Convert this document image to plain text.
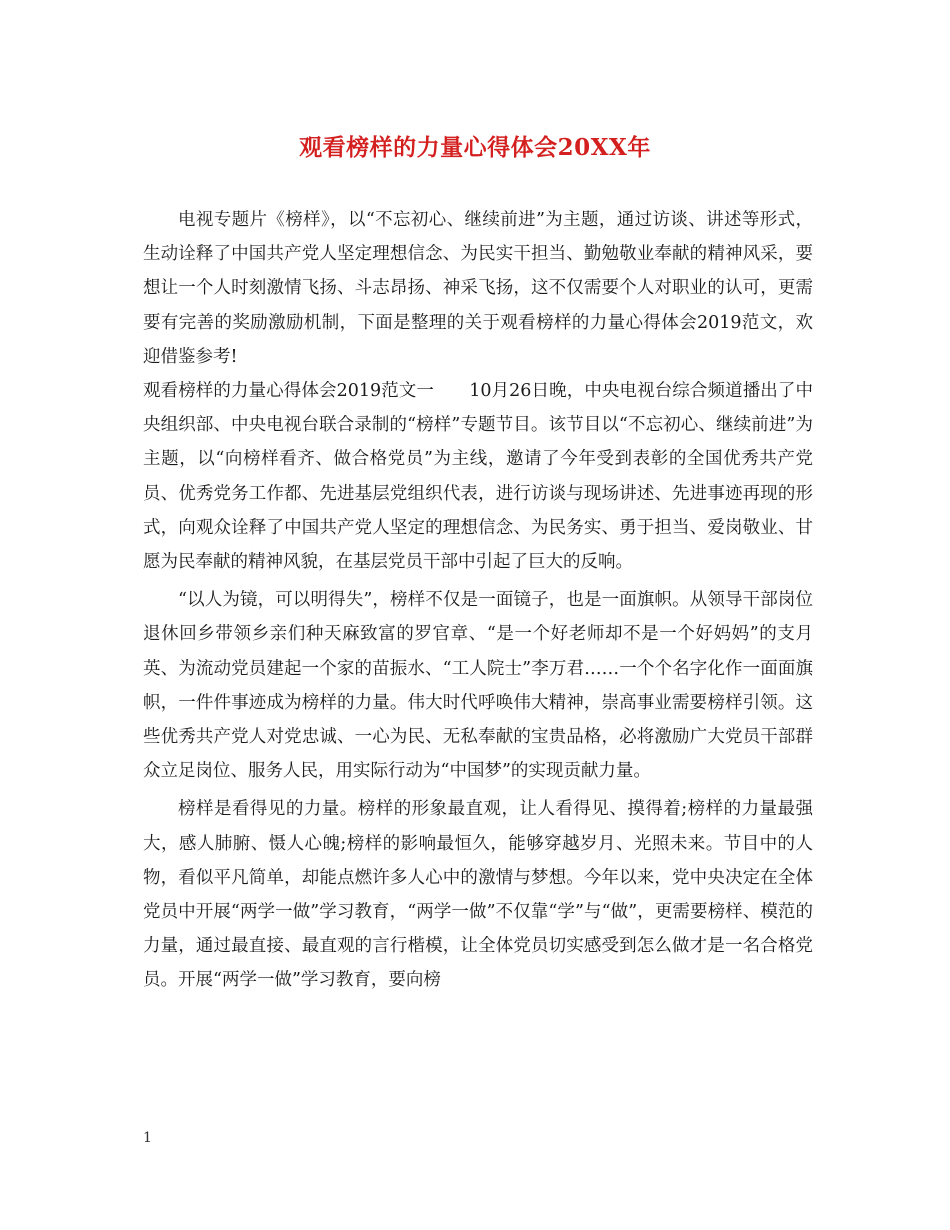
观看榜样的力量心得体会20XX年

电视专题片《榜样》，以“不忘初心、继续前进”为主题，通过访谈、讲述等形式，生动诠释了中国共产党人坚定理想信念、为民实干担当、勤勉敬业奉献的精神风采，要想让一个人时刻激情飞扬、斗志昂扬、神采飞扬，这不仅需要个人对职业的认可，更需要有完善的奖励激励机制，下面是整理的关于观看榜样的力量心得体会2019范文，欢迎借鉴参考!

观看榜样的力量心得体会2019范文一　　10月26日晚，中央电视台综合频道播出了中央组织部、中央电视台联合录制的“榜样”专题节目。该节目以“不忘初心、继续前进”为主题，以“向榜样看齐、做合格党员”为主线，邀请了今年受到表彰的全国优秀共产党员、优秀党务工作都、先进基层党组织代表，进行访谈与现场讲述、先进事迹再现的形式，向观众诠释了中国共产党人坚定的理想信念、为民务实、勇于担当、爱岗敬业、甘愿为民奉献的精神风貌，在基层党员干部中引起了巨大的反响。

“以人为镜，可以明得失”，榜样不仅是一面镜子，也是一面旗帜。从领导干部岗位退休回乡带领乡亲们种天麻致富的罗官章、“是一个好老师却不是一个好妈妈”的支月英、为流动党员建起一个家的苗振水、“工人院士”李万君……一个个名字化作一面面旗帜，一件件事迹成为榜样的力量。伟大时代呼唤伟大精神，崇高事业需要榜样引领。这些优秀共产党人对党忠诚、一心为民、无私奉献的宝贵品格，必将激励广大党员干部群众立足岗位、服务人民，用实际行动为“中国梦”的实现贡献力量。

榜样是看得见的力量。榜样的形象最直观，让人看得见、摸得着;榜样的力量最强大，感人肺腑、慑人心魄;榜样的影响最恒久，能够穿越岁月、光照未来。节目中的人物，看似平凡简单，却能点燃许多人心中的激情与梦想。今年以来，党中央决定在全体党员中开展“两学一做”学习教育，“两学一做”不仅靠“学”与“做”，更需要榜样、模范的力量，通过最直接、最直观的言行楷模，让全体党员切实感受到怎么做才是一名合格党员。开展“两学一做”学习教育，要向榜

1
